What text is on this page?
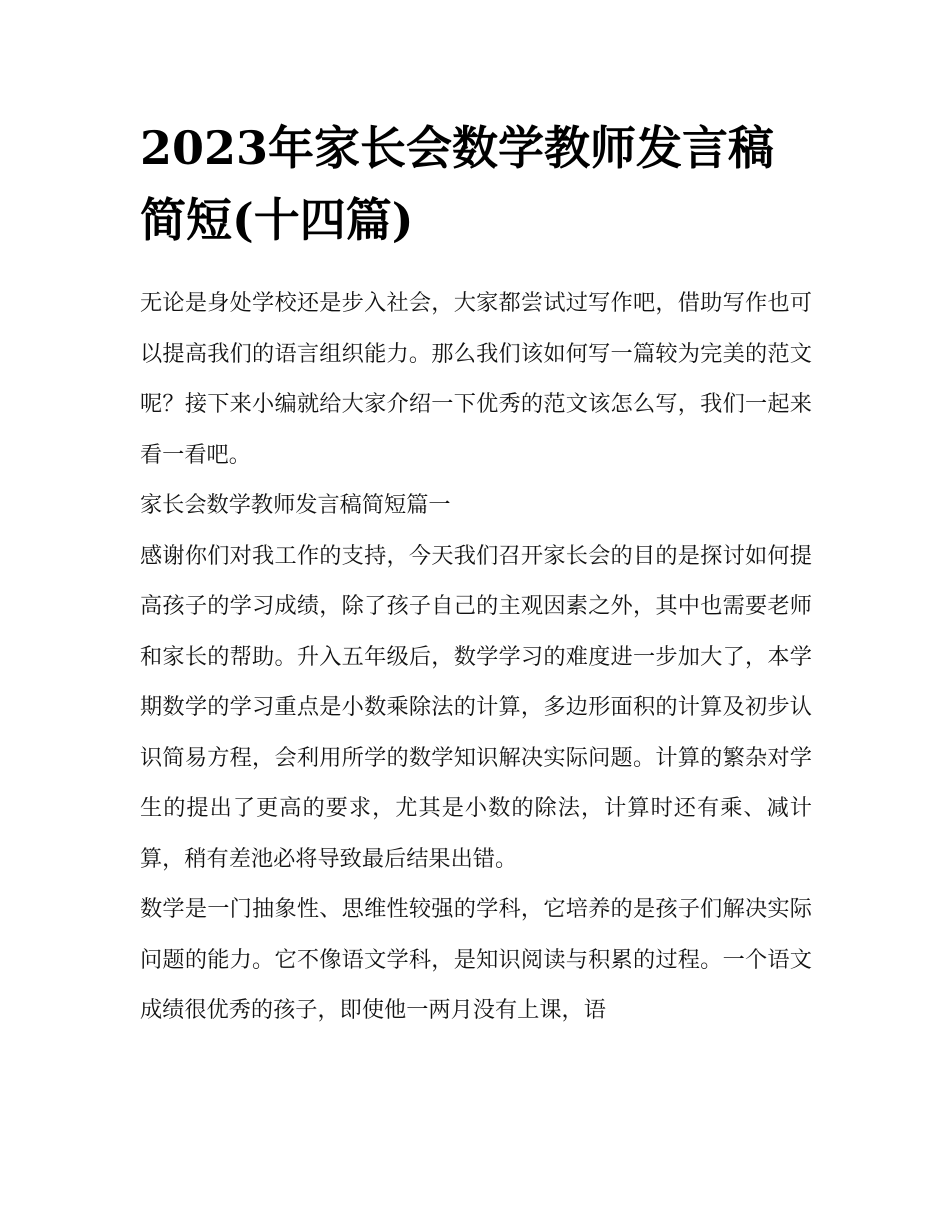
2023年家长会数学教师发言稿简短(十四篇)

无论是身处学校还是步入社会，大家都尝试过写作吧，借助写作也可以提高我们的语言组织能力。那么我们该如何写一篇较为完美的范文呢？接下来小编就给大家介绍一下优秀的范文该怎么写，我们一起来看一看吧。

家长会数学教师发言稿简短篇一

感谢你们对我工作的支持，今天我们召开家长会的目的是探讨如何提高孩子的学习成绩，除了孩子自己的主观因素之外，其中也需要老师和家长的帮助。升入五年级后，数学学习的难度进一步加大了，本学期数学的学习重点是小数乘除法的计算，多边形面积的计算及初步认识简易方程，会利用所学的数学知识解决实际问题。计算的繁杂对学生的提出了更高的要求，尤其是小数的除法，计算时还有乘、减计算，稍有差池必将导致最后结果出错。

数学是一门抽象性、思维性较强的学科，它培养的是孩子们解决实际问题的能力。它不像语文学科，是知识阅读与积累的过程。一个语文成绩很优秀的孩子，即使他一两月没有上课，语
